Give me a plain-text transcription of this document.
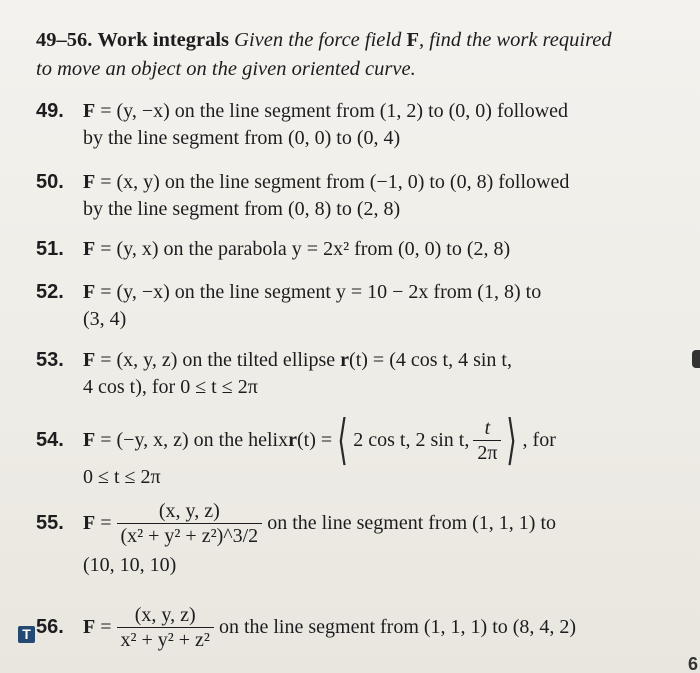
49–56. Work integrals Given the force field F, find the work required
to move an object on the given oriented curve.
49. F = (y, −x) on the line segment from (1, 2) to (0, 0) followed
by the line segment from (0, 0) to (0, 4)
50. F = (x, y) on the line segment from (−1, 0) to (0, 8) followed
by the line segment from (0, 8) to (2, 8)
51. F = (y, x) on the parabola y = 2x² from (0, 0) to (2, 8)
52. F = (y, −x) on the line segment y = 10 − 2x from (1, 8) to
(3, 4)
53. F = (x, y, z) on the tilted ellipse r(t) = (4 cos t, 4 sin t,
4 cos t), for 0 ≤ t ≤ 2π
54. F
=
(−y, x, z) on the helix r (t) = ⟨ 2 cos t, 2 sin t, $\frac{t}{2\pi}$ ⟩ , for
0 ≤ t ≤ 2π
55. F
=
$\frac{(x, y, z)}{\text{(x² + y² + z²)\textasciicircum{}3/2}}$
on the line segment from (1, 1, 1) to
(10, 10, 10)
56. F
=
$\frac{(x, y, z)}{\text{x² + y² + z²}}$
on the line segment from (1, 1, 1) to (8, 4, 2)
T
6
